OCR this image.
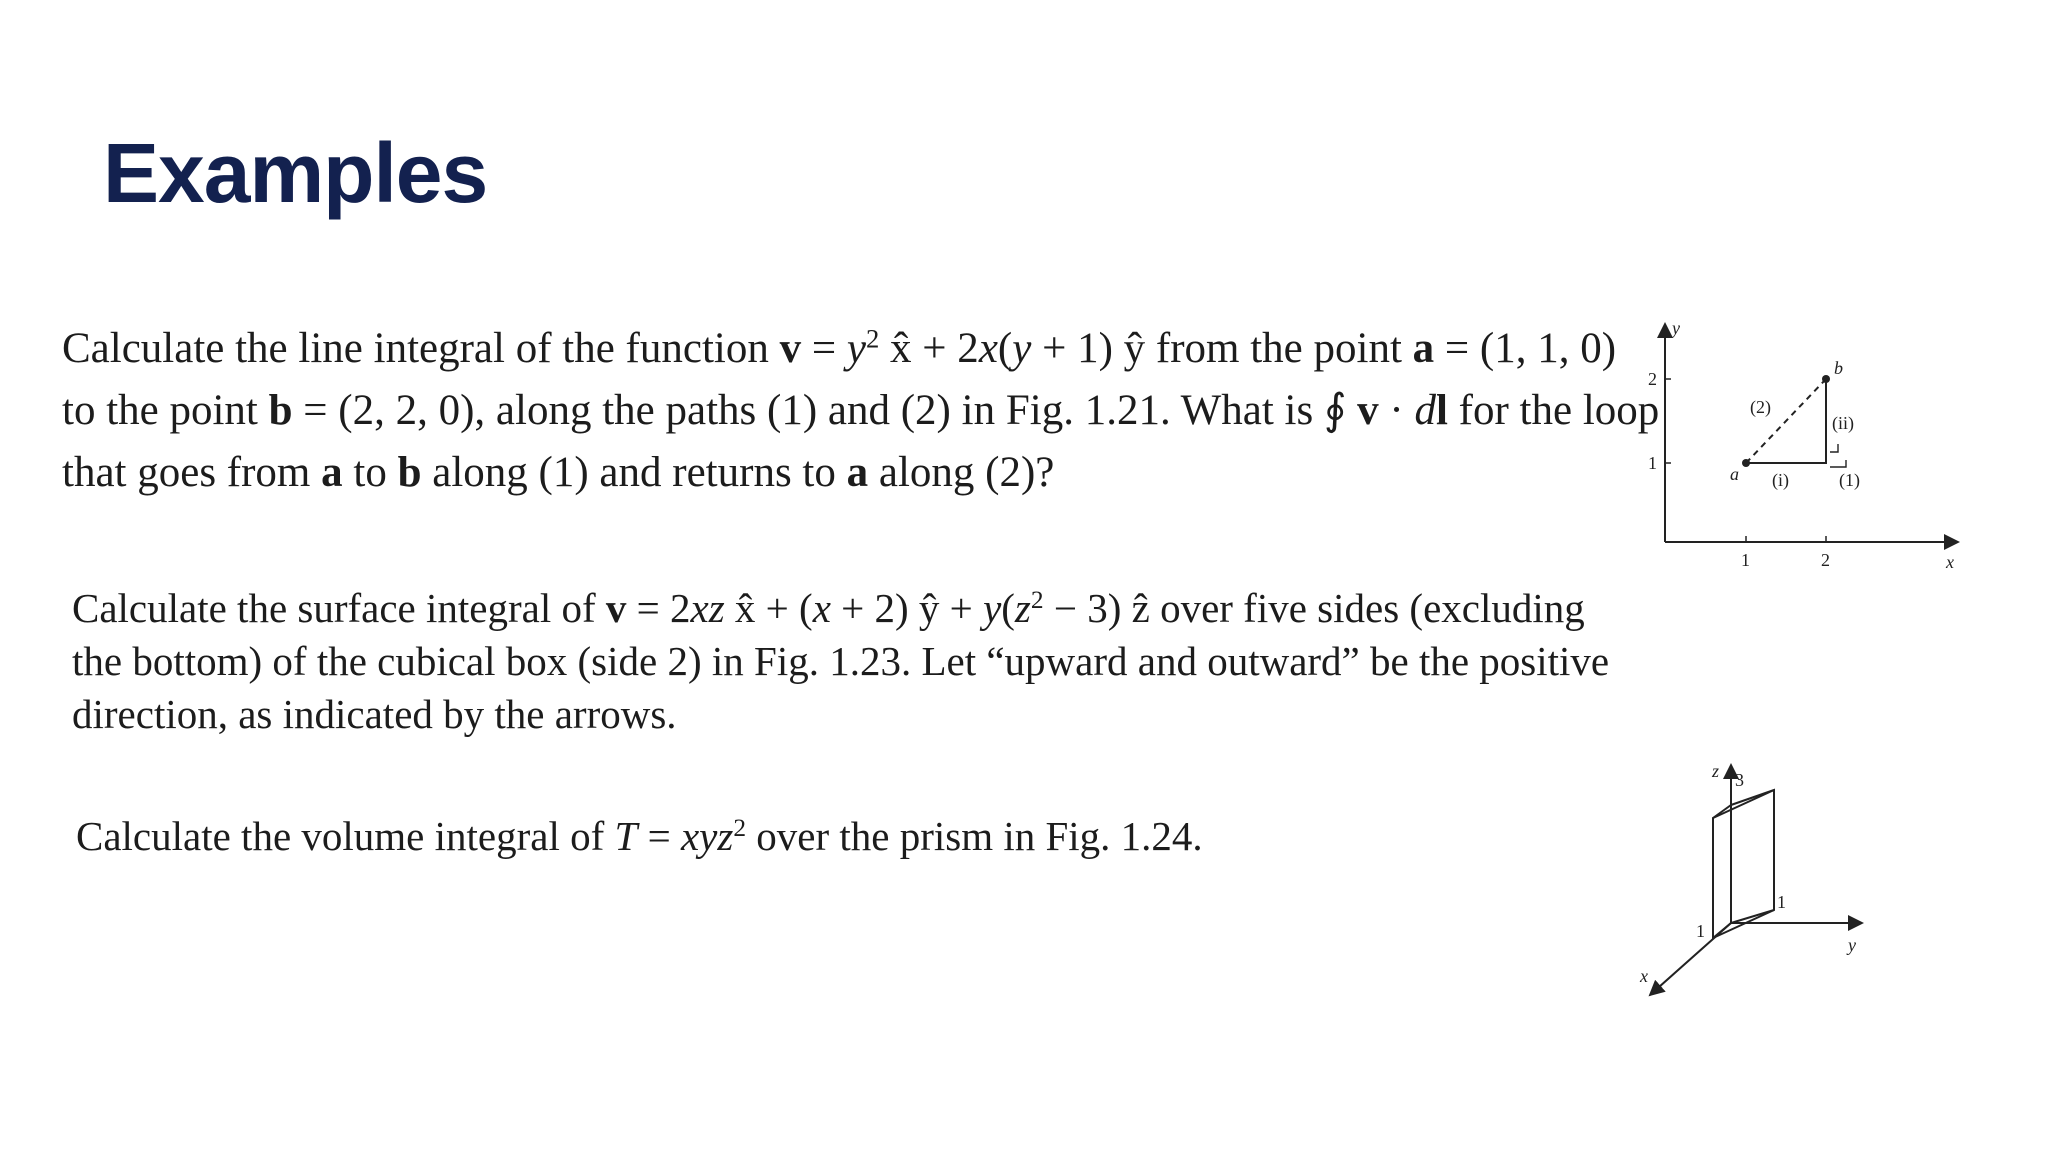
Examples
Calculate the line integral of the function $v = y^2$ x̂ + 2x(y + 1) ŷ from the point a = (1, 1, 0)
to the point b = (2, 2, 0), along the paths (1) and (2) in Fig. 1.21. What is ∮ v · dl for the loop
that goes from a to b along (1) and returns to a along (2)?
Calculate the surface integral of v = 2xz x̂ + (x + 2) ŷ + $y(z^2 - 3)$ ẑ over five sides (excluding
the bottom) of the cubical box (side 2) in Fig. 1.23. Let “upward and outward” be the positive
direction, as indicated by the arrows.
Calculate the volume integral of T = xyz$^2$ over the prism in Fig. 1.24.
y
x
2
1
1	2
a
b
(2)
(ii)
(i)	(1)
z
y
x
3
1
1
